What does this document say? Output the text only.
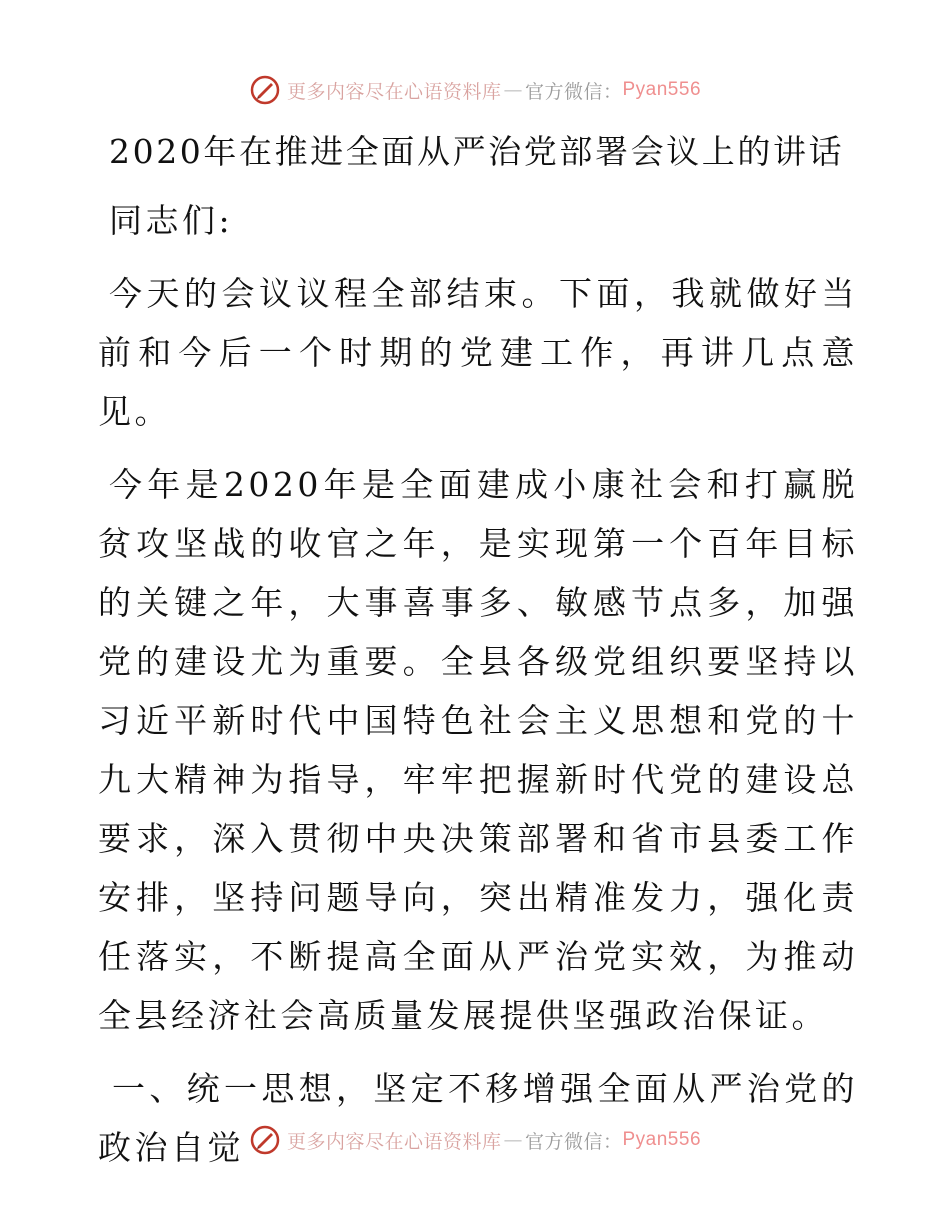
更多内容尽在心语资料库 — 官方微信： Pyan556

2020年在推进全面从严治党部署会议上的讲话

同志们:

今天的会议议程全部结束。下面，我就做好当前和今后一个时期的党建工作，再讲几点意见。

今年是2020年是全面建成小康社会和打赢脱贫攻坚战的收官之年，是实现第一个百年目标的关键之年，大事喜事多、敏感节点多，加强党的建设尤为重要。全县各级党组织要坚持以习近平新时代中国特色社会主义思想和党的十九大精神为指导，牢牢把握新时代党的建设总要求，深入贯彻中央决策部署和省市县委工作安排，坚持问题导向，突出精准发力，强化责任落实，不断提高全面从严治党实效，为推动全县经济社会高质量发展提供坚强政治保证。

一、统一思想，坚定不移增强全面从严治党的政治自觉	更多内容尽在心语资料库 — 官方微信： Pyan556
